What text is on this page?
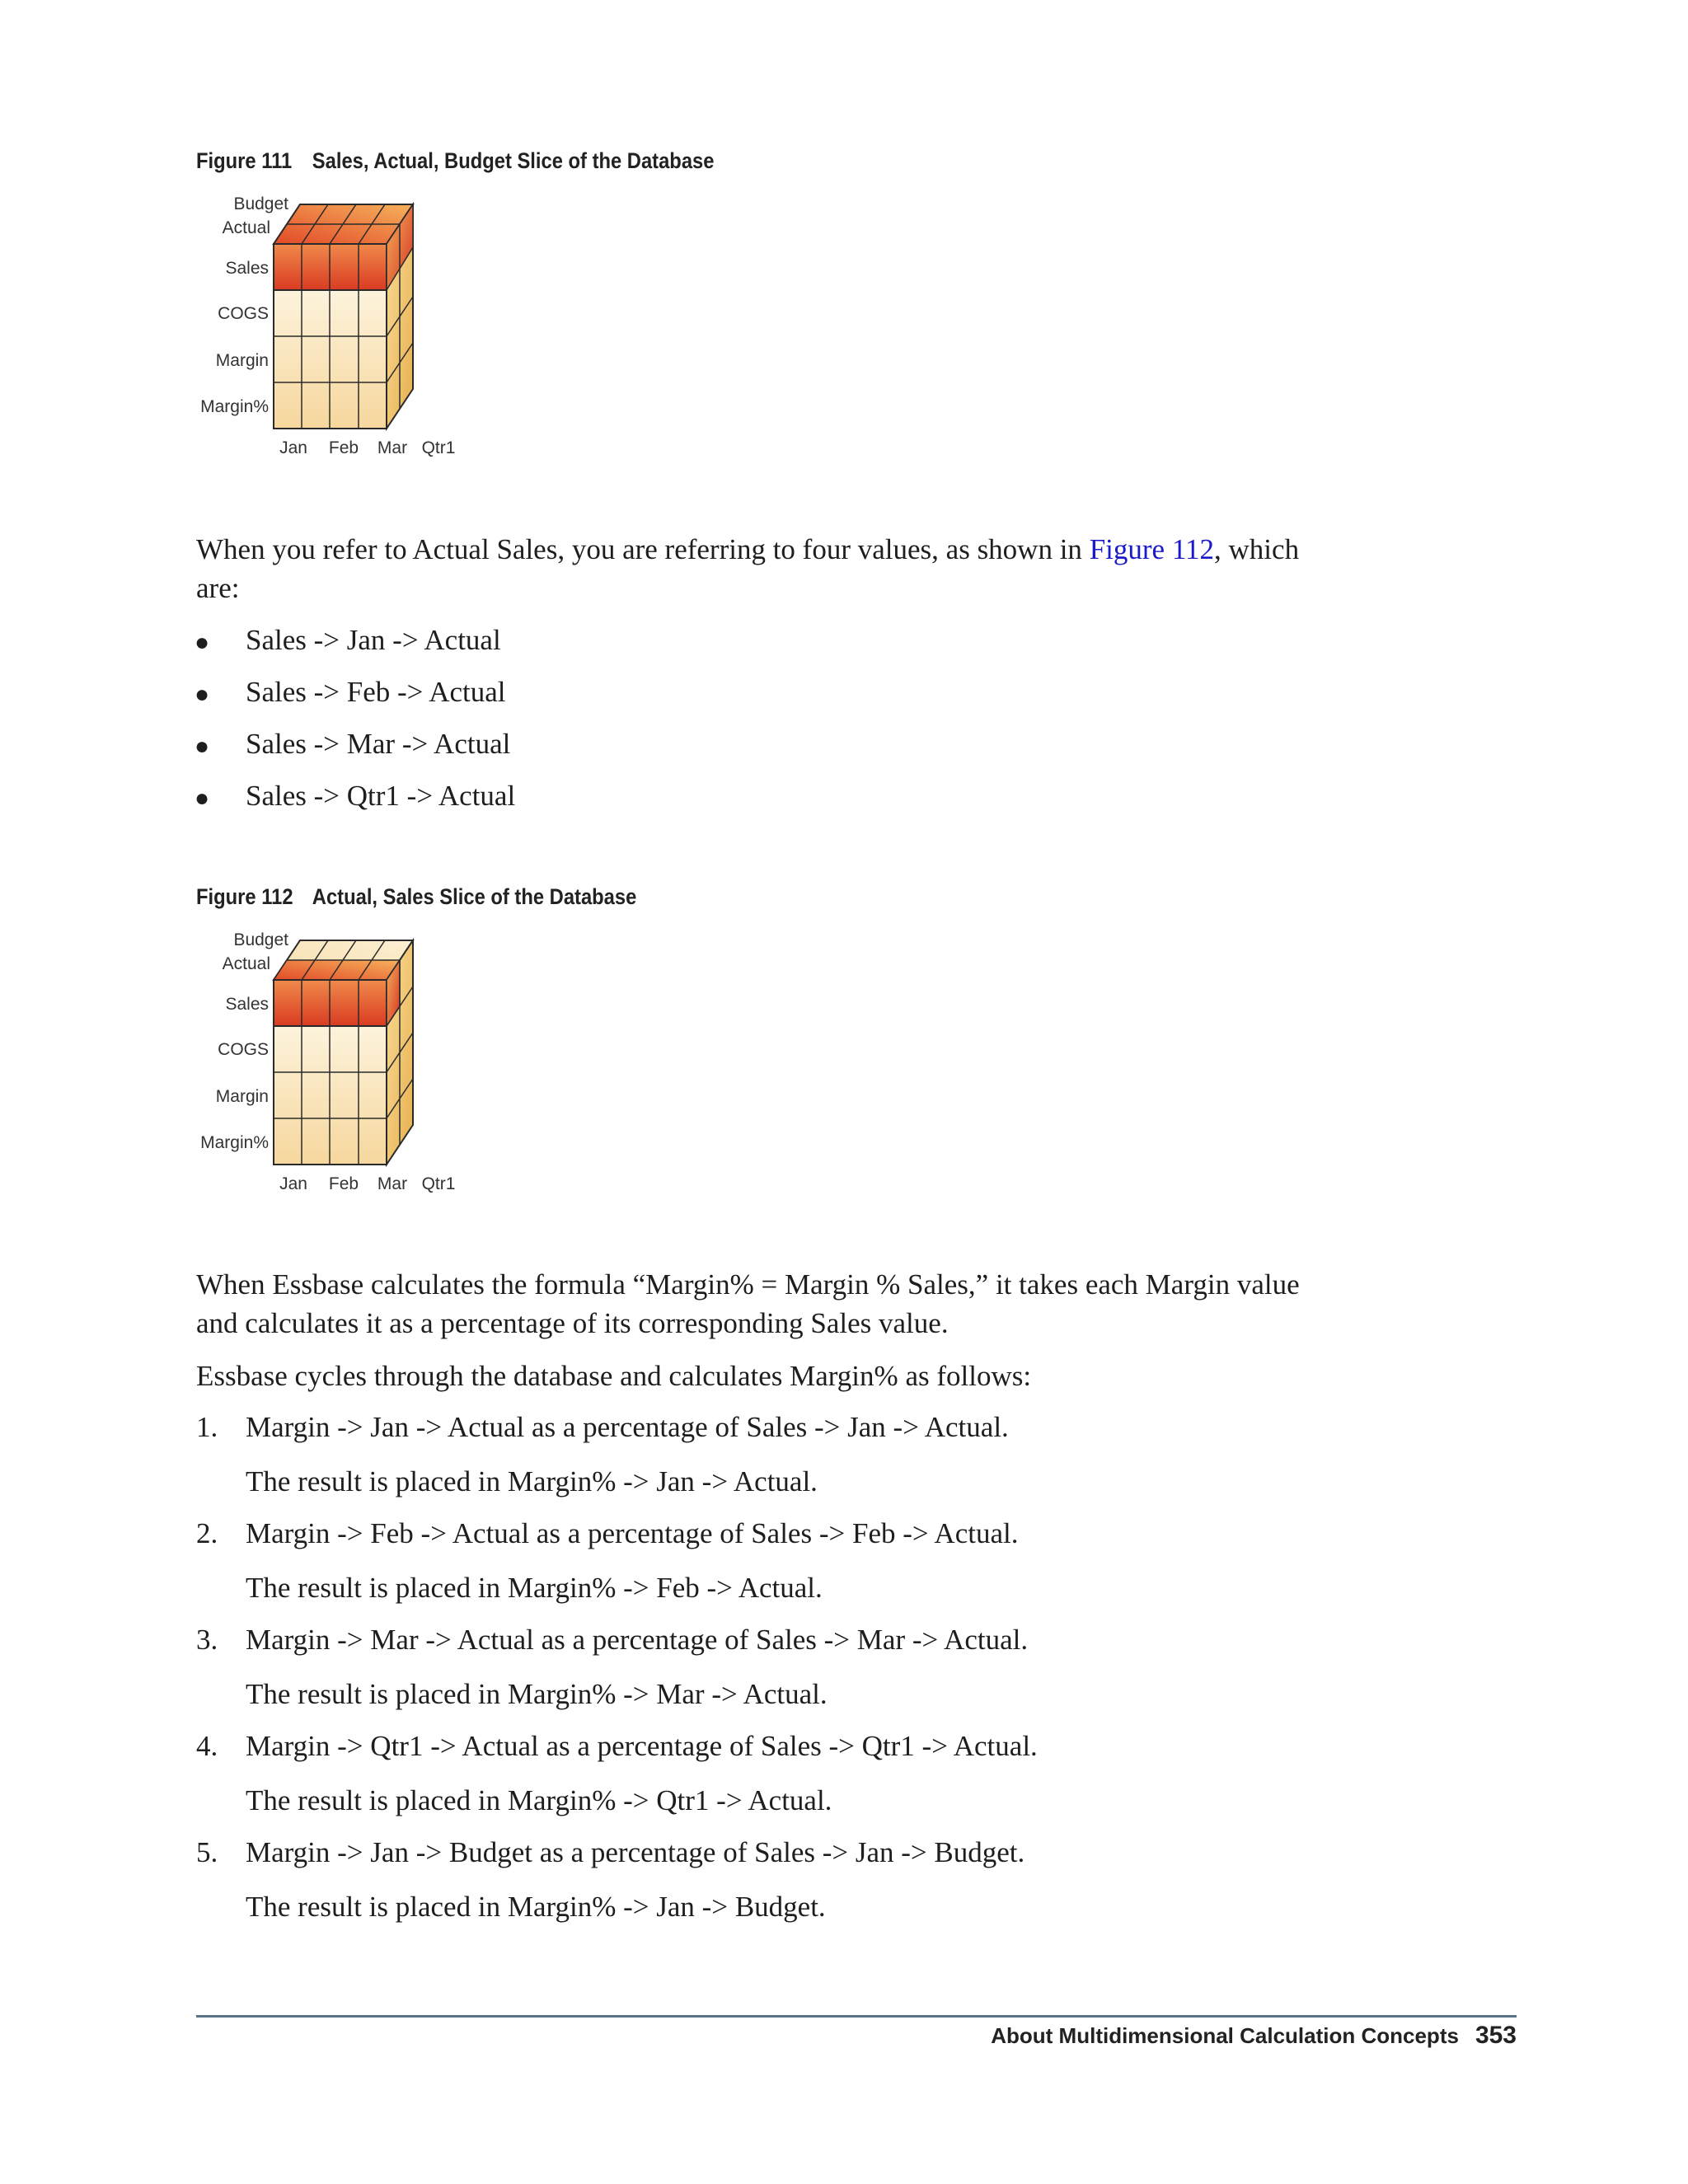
Figure 111 Sales, Actual, Budget Slice of the Database
Budget
Actual
Sales
COGS
Margin
Margin%
Jan Feb Mar Qtr1
When you refer to Actual Sales, you are referring to four values, as shown in Figure 112, which
are:
● Sales -> Jan -> Actual
● Sales -> Feb -> Actual
● Sales -> Mar -> Actual
● Sales -> Qtr1 -> Actual
Figure 112 Actual, Sales Slice of the Database
Budget
Actual
Sales
COGS
Margin
Margin%
Jan Feb Mar Qtr1
When Essbase calculates the formula “Margin% = Margin % Sales,” it takes each Margin value
and calculates it as a percentage of its corresponding Sales value.
Essbase cycles through the database and calculates Margin% as follows:
1. Margin -> Jan -> Actual as a percentage of Sales -> Jan -> Actual.
The result is placed in Margin% -> Jan -> Actual.
2. Margin -> Feb -> Actual as a percentage of Sales -> Feb -> Actual.
The result is placed in Margin% -> Feb -> Actual.
3. Margin -> Mar -> Actual as a percentage of Sales -> Mar -> Actual.
The result is placed in Margin% -> Mar -> Actual.
4. Margin -> Qtr1 -> Actual as a percentage of Sales -> Qtr1 -> Actual.
The result is placed in Margin% -> Qtr1 -> Actual.
5. Margin -> Jan -> Budget as a percentage of Sales -> Jan -> Budget.
The result is placed in Margin% -> Jan -> Budget.
About Multidimensional Calculation Concepts 353
